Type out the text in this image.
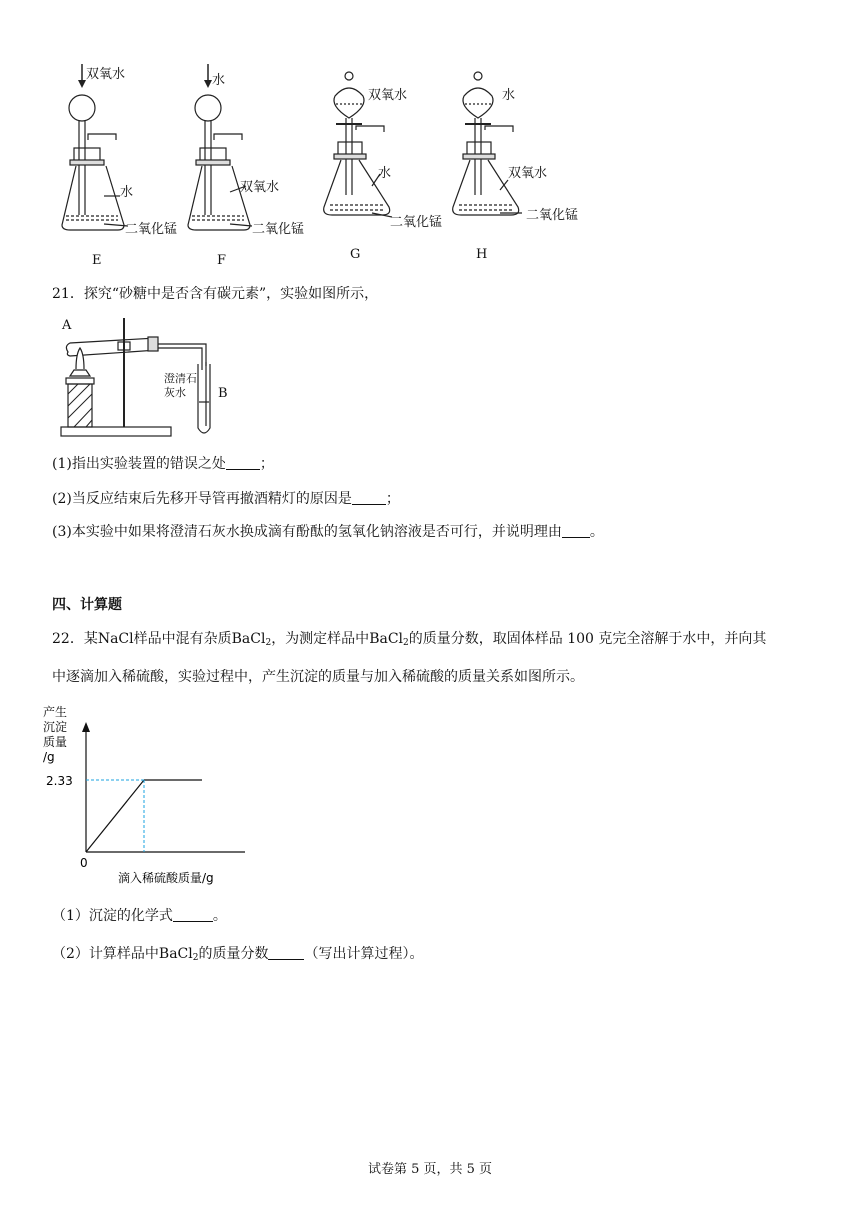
双氧水
水
二氧化锰
E
水
双氧水
二氧化锰
F
双氧水
水
二氧化锰
G
水
双氧水
二氧化锰
H
21．探究“砂糖中是否含有碳元素”，实验如图所示，
A
B
澄清石
灰水
(1)指出实验装置的错误之处 ；
(2)当反应结束后先移开导管再撤酒精灯的原因是 ；
(3)本实验中如果将澄清石灰水换成滴有酚酞的氢氧化钠溶液是否可行，并说明理由 。
四、计算题
22．某NaCl样品中混有杂质BaCl$_2$，为测定样品中BaCl$_2$的质量分数，取固体样品 100 克完全溶解于水中，并向其
中逐滴加入稀硫酸，实验过程中，产生沉淀的质量与加入稀硫酸的质量关系如图所示。
产生
沉淀
质量
/g
2.33
0
滴入稀硫酸质量/g
（1）沉淀的化学式	。
（2）计算样品中BaCl$_2$的质量分数	（写出计算过程）。
试卷第 5 页，共 5 页
